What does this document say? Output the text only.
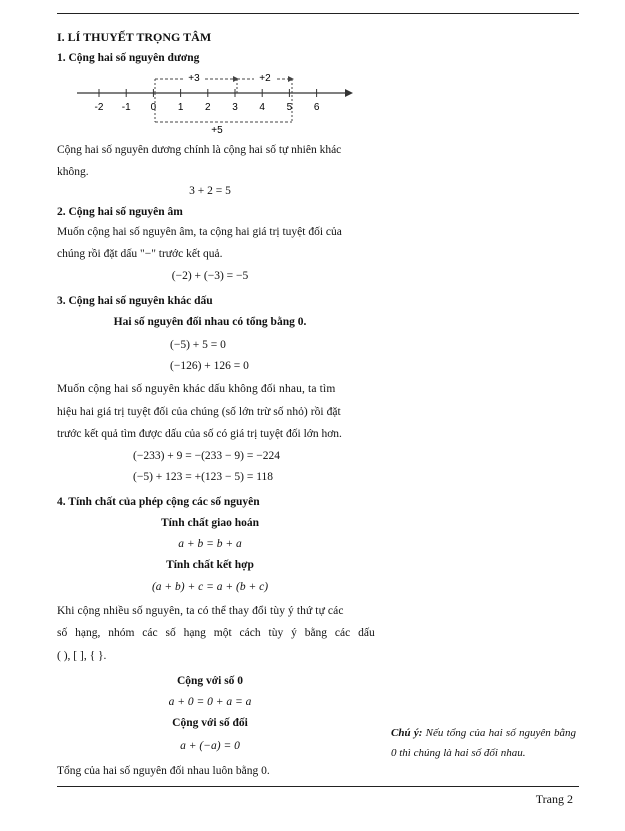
I. LÍ THUYẾT TRỌNG TÂM
1. Cộng hai số nguyên dương
-2 -1 0 1 2 3 4 5 6
+3	+2
+5
Cộng hai số nguyên dương chính là cộng hai số tự nhiên khác
không.
3 + 2 = 5
2. Cộng hai số nguyên âm
Muốn cộng hai số nguyên âm, ta cộng hai giá trị tuyệt đối của
chúng rồi đặt dấu "−" trước kết quả.
(−2) + (−3) = −5
3. Cộng hai số nguyên khác dấu
Hai số nguyên đối nhau có tổng bằng 0.
(−5) + 5 = 0
(−126) + 126 = 0
Muốn cộng hai số nguyên khác dấu không đối nhau, ta tìm
hiệu hai giá trị tuyệt đối của chúng (số lớn trừ số nhỏ) rồi đặt
trước kết quả tìm được dấu của số có giá trị tuyệt đối lớn hơn.
(−233) + 9 = −(233 − 9) = −224
(−5) + 123 = +(123 − 5) = 118
4. Tính chất của phép cộng các số nguyên
Tính chất giao hoán
a + b = b + a
Tính chất kết hợp
(a + b) + c = a + (b + c)
Khi cộng nhiều số nguyên, ta có thể thay đổi tùy ý thứ tự các
số hạng, nhóm các số hạng một cách tùy ý bằng các dấu
( ), [ ], { }.
Cộng với số 0
a + 0 = 0 + a = a
Cộng với số đối
a + (−a) = 0
Tổng của hai số nguyên đối nhau luôn bằng 0.
Chú ý: Nếu tổng của hai số nguyên bằng 0 thì chúng là hai số đối nhau.
Trang 2
